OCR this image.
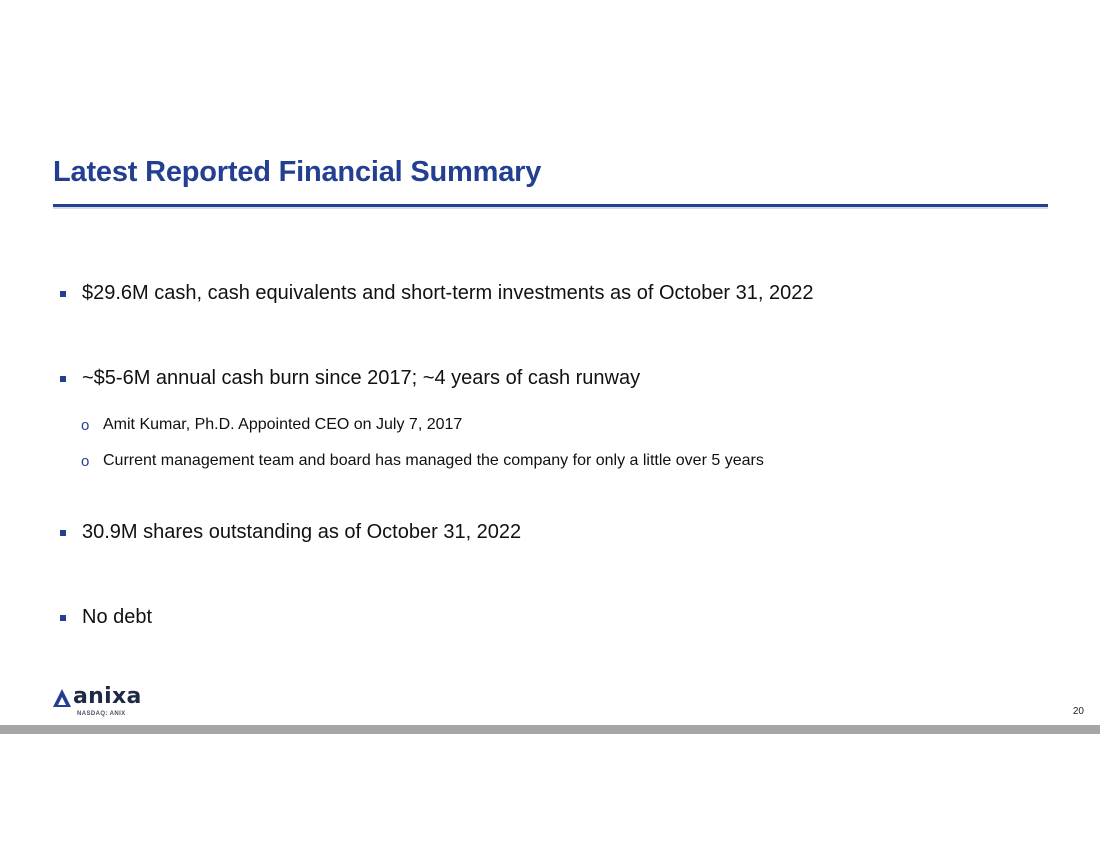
Latest Reported Financial Summary
$29.6M cash, cash equivalents and short-term investments as of October 31, 2022
~$5-6M annual cash burn since 2017; ~4 years of cash runway
o Amit Kumar, Ph.D. Appointed CEO on July 7, 2017
o Current management team and board has managed the company for only a little over 5 years
30.9M shares outstanding as of October 31, 2022
No debt
anixa
NASDAQ: ANIX	20
